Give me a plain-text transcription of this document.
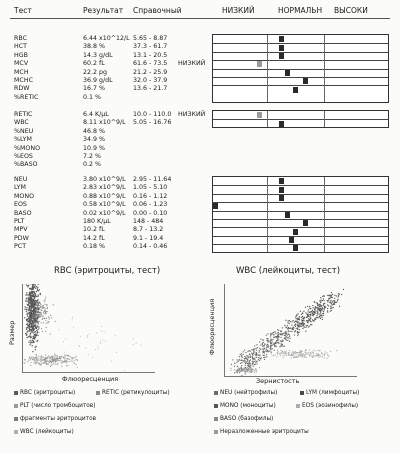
Тест	Результат Справочный	НИЗКИЙ	НОРМАЛЬН ВЫСОКИ
RBC	6.44 x10^12/L 5.65 - 8.87
HCT	38.8 %	37.3 - 61.7
HGB	14.3 g/dL	13.1 - 20.5
MCV	60.2 fL	61.6 - 73.5 НИЗКИЙ
MCH	22.2 pg	21.2 - 25.9
MCHC	36.9 g/dL	32.0 - 37.9
RDW	16.7 %	13.6 - 21.7
%RETIC	0.1 %
RETIC	6.4 K/μL	10.0 - 110.0 НИЗКИЙ
WBC	8.11 x10^9/L 5.05 - 16.76
%NEU	46.8 %
%LYM	34.9 %
%MONO	10.9 %
%EOS	7.2 %
%BASO	0.2 %
NEU	3.80 x10^9/L 2.95 - 11.64
LYM	2.83 x10^9/L 1.05 - 5.10
MONO	0.88 x10^9/L 0.16 - 1.12
EOS	0.58 x10^9/L 0.06 - 1.23
BASO	0.02 x10^9/L 0.00 - 0.10
PLT	180 K/μL	148 - 484
MPV	10.2 fL	8.7 - 13.2
PDW	14.2 fL	9.1 - 19.4
PCT	0.18 %	0.14 - 0.46
RBC (эритроциты, тест)
Размер
Флюоресценция
WBC (лейкоциты, тест)
Флюоресценция
Зернистость
RBC (эритроциты)	RETIC (ретикулоциты)
PLT (число тромбоцитов)
фрагменты эритроцитов
WBC (лейкоциты)
NEU (нейтрофилы)	LYM (лимфоциты)
MONO (моноциты)	EOS (эозинофилы)
BASO (базофилы)
Неразложенные эритроциты
